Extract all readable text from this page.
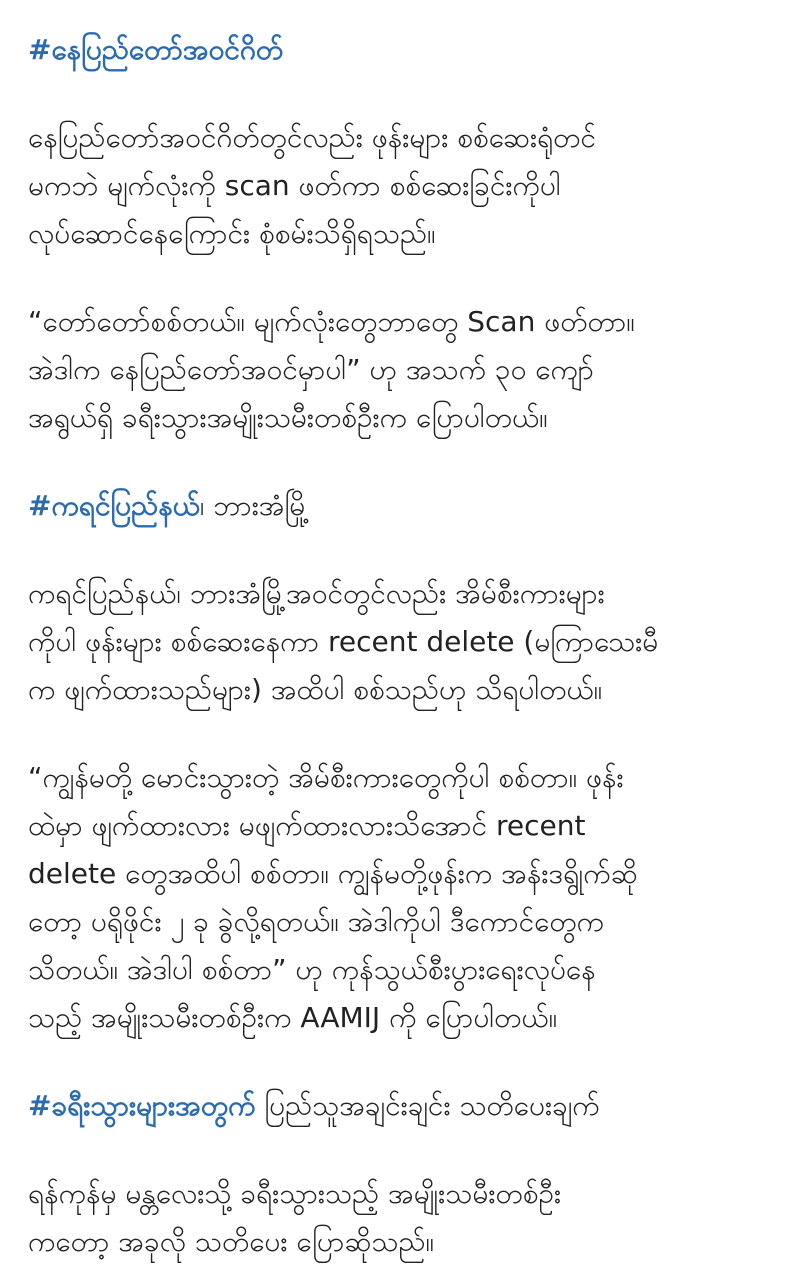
#နေပြည်တော်အဝင်ဂိတ်

နေပြည်တော်အဝင်ဂိတ်တွင်လည်း ဖုန်းများ စစ်ဆေးရုံတင်
မကဘဲ မျက်လုံးကို scan ဖတ်ကာ စစ်ဆေးခြင်းကိုပါ
လုပ်ဆောင်နေကြောင်း စုံစမ်းသိရှိရသည်။

“တော်တော်စစ်တယ်။ မျက်လုံးတွေဘာတွေ Scan ဖတ်တာ။
အဲဒါက နေပြည်တော်အဝင်မှာပါ” ဟု အသက် ၃၀ ကျော်
အရွယ်ရှိ ခရီးသွားအမျိုးသမီးတစ်ဦးက ပြောပါတယ်။

#ကရင်ပြည်နယ်၊ ဘားအံမြို့

ကရင်ပြည်နယ်၊ ဘားအံမြို့အဝင်တွင်လည်း အိမ်စီးကားများ
ကိုပါ ဖုန်းများ စစ်ဆေးနေကာ recent delete (မကြာသေးမီ
က ဖျက်ထားသည်များ) အထိပါ စစ်သည်ဟု သိရပါတယ်။

“ကျွန်မတို့ မောင်းသွားတဲ့ အိမ်စီးကားတွေကိုပါ စစ်တာ။ ဖုန်း
ထဲမှာ ဖျက်ထားလား မဖျက်ထားလားသိအောင် recent
delete တွေအထိပါ စစ်တာ။ ကျွန်မတို့ဖုန်းက အန်းဒရွိုက်ဆို
တော့ ပရိုဖိုင်း ၂ ခု ခွဲလို့ရတယ်။ အဲဒါကိုပါ ဒီကောင်တွေက
သိတယ်။ အဲဒါပါ စစ်တာ” ဟု ကုန်သွယ်စီးပွားရေးလုပ်နေ
သည့် အမျိုးသမီးတစ်ဦးက AAMIJ ကို ပြောပါတယ်။

#ခရီးသွားများအတွက် ပြည်သူအချင်းချင်း သတိပေးချက်

ရန်ကုန်မှ မန္တလေးသို့ ခရီးသွားသည့် အမျိုးသမီးတစ်ဦး
ကတော့ အခုလို သတိပေး ပြောဆိုသည်။
